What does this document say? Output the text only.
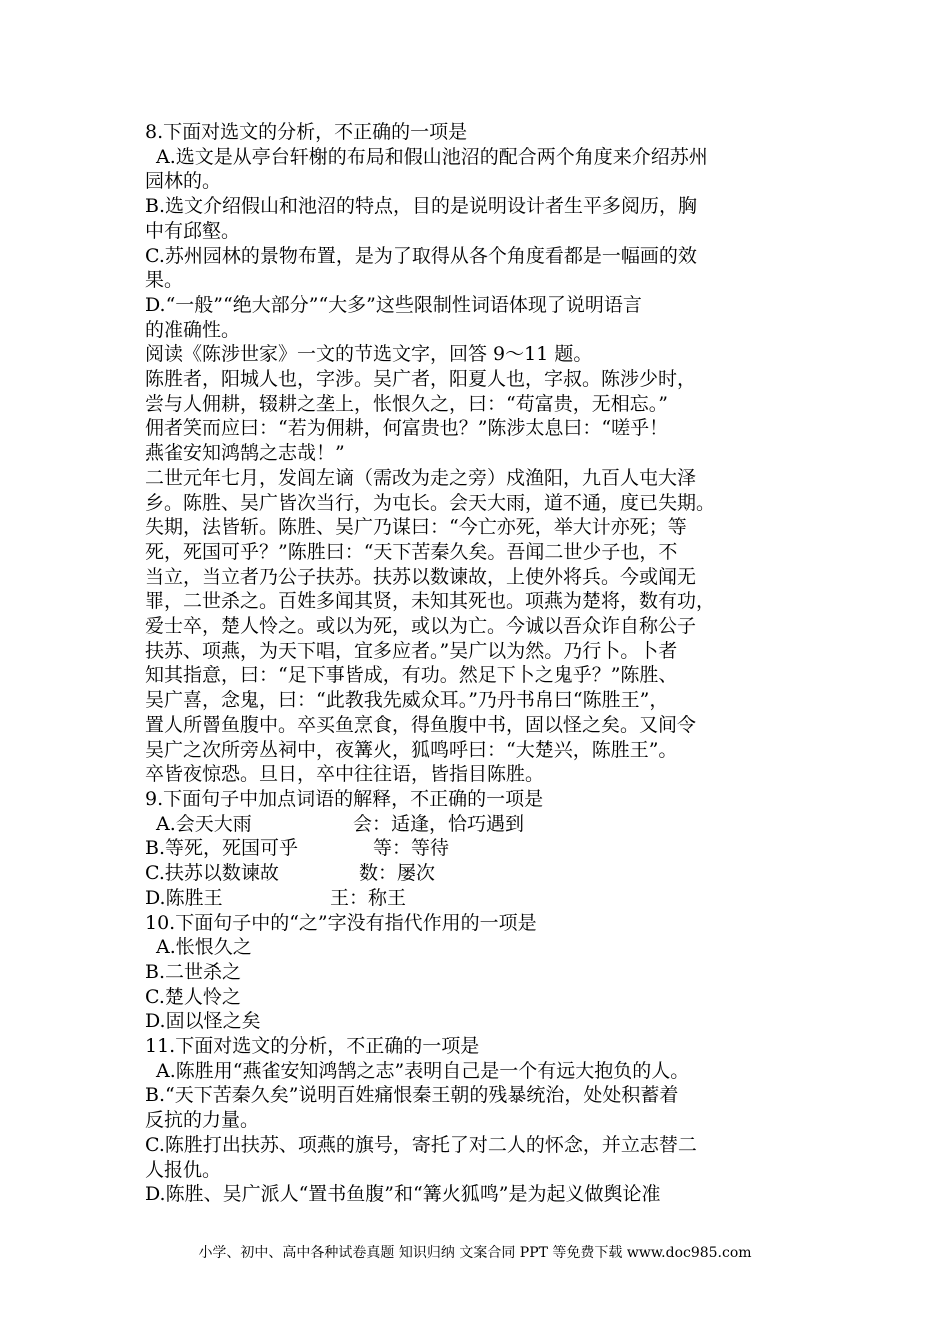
8.下面对选文的分析，不正确的一项是

A.选文是从亭台轩榭的布局和假山池沼的配合两个角度来介绍苏州

园林的。

B.选文介绍假山和池沼的特点，目的是说明设计者生平多阅历，胸

中有邱壑。

C.苏州园林的景物布置，是为了取得从各个角度看都是一幅画的效

果。

D.“一般”“绝大部分”“大多”这些限制性词语体现了说明语言

的准确性。

阅读《陈涉世家》一文的节选文字，回答 9～11 题。

陈胜者，阳城人也，字涉。吴广者，阳夏人也，字叔。陈涉少时，

尝与人佣耕，辍耕之垄上，怅恨久之，曰：“苟富贵，无相忘。”

佣者笑而应曰：“若为佣耕，何富贵也？”陈涉太息曰：“嗟乎！

燕雀安知鸿鹄之志哉！”

二世元年七月，发闾左谪（需改为走之旁）戍渔阳，九百人屯大泽

乡。陈胜、吴广皆次当行，为屯长。会天大雨，道不通，度已失期。

失期，法皆斩。陈胜、吴广乃谋曰：“今亡亦死，举大计亦死；等

死，死国可乎？”陈胜曰：“天下苦秦久矣。吾闻二世少子也，不

当立，当立者乃公子扶苏。扶苏以数谏故，上使外将兵。今或闻无

罪，二世杀之。百姓多闻其贤，未知其死也。项燕为楚将，数有功，

爱士卒，楚人怜之。或以为死，或以为亡。今诚以吾众诈自称公子

扶苏、项燕，为天下唱，宜多应者。”吴广以为然。乃行卜。卜者

知其指意，曰：“足下事皆成，有功。然足下卜之鬼乎？”陈胜、

吴广喜，念鬼，曰：“此教我先威众耳。”乃丹书帛曰“陈胜王”，

置人所罾鱼腹中。卒买鱼烹食，得鱼腹中书，固以怪之矣。又间令

吴广之次所旁丛祠中，夜篝火，狐鸣呼曰：“大楚兴，陈胜王”。

卒皆夜惊恐。旦日，卒中往往语，皆指目陈胜。

9.下面句子中加点词语的解释，不正确的一项是

A.会天大雨	会：适逢，恰巧遇到

B.等死，死国可乎	等：等待

C.扶苏以数谏故	数：屡次

D.陈胜王	王：称王

10.下面句子中的“之”字没有指代作用的一项是

A.怅恨久之

B.二世杀之

C.楚人怜之

D.固以怪之矣

11.下面对选文的分析，不正确的一项是

A.陈胜用“燕雀安知鸿鹄之志”表明自己是一个有远大抱负的人。

B.“天下苦秦久矣”说明百姓痛恨秦王朝的残暴统治，处处积蓄着

反抗的力量。

C.陈胜打出扶苏、项燕的旗号，寄托了对二人的怀念，并立志替二

人报仇。

D.陈胜、吴广派人“置书鱼腹”和“篝火狐鸣”是为起义做舆论准

小学、初中、高中各种试卷真题 知识归纳 文案合同 PPT 等免费下载 www.doc985.com
